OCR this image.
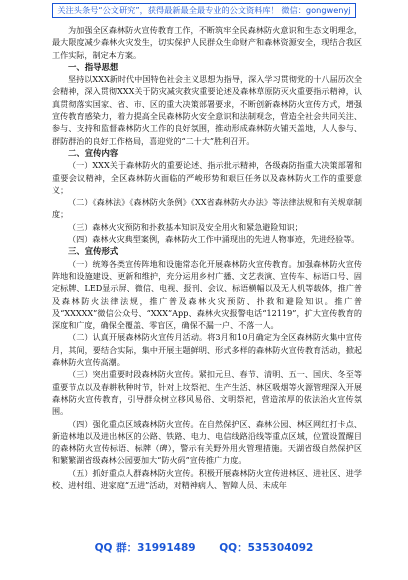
关注头条号“公文研究”，获得最新最全最专业的公文资料库！ 微信：gongwenyj

为加强全区森林防火宣传教育工作，不断筑牢全民森林防火意识和生态文明理念，最大限度减少森林火灾发生，切实保护人民群众生命财产和森林资源安全，现结合我区工作实际，制定本方案。

一、指导思想

坚持以XXX新时代中国特色社会主义思想为指导，深入学习贯彻党的十八届历次全会精神，深入贯彻XXX关于防灾减灾救灾重要论述及森林草原防灭火重要指示精神，认真贯彻落实国家、省、市、区的重大决策部署要求，不断创新森林防火宣传方式，增强宣传教育感染力，着力提高全民森林防火安全意识和法制观念，营造全社会共同关注、参与、支持和监督森林防火工作的良好氛围，推动形成森林防火铺天盖地，人人参与、群防群治的良好工作格局，喜迎党的“二十大”胜利召开。

二、宣传内容

（一）XXX关于森林防火的重要论述、指示批示精神，各级森防指重大决策部署和重要会议精神，全区森林防火面临的严峻形势和艰巨任务以及森林防火工作的重要意义；

（二）《森林法》《森林防火条例》《XX省森林防火办法》等法律法规和有关规章制度；

（三）森林火灾预防和扑救基本知识及安全用火和紧急避险知识；

（四）森林火灾典型案例，森林防火工作中涌现出的先进人物事迹，先进经验等。

三、宣传形式

（一）统筹各类宣传阵地和设施常态化开展森林防火宣传教育。加强森林防火宣传阵地和设施建设、更新和维护，充分运用乡村广播、文艺表演、宣传车、标语口号、固定标牌、LED显示屏、微信、电视、报刊、会议、标语横幅以及无人机等载体，推广普及森林防火法律法规，推广普及森林火灾预防、扑救和避险知识。推广普及“XXXXX”微信公众号、“XXX”App、森林火灾报警电话“12119”，扩大宣传教育的深度和广度，确保全覆盖、零盲区，确保不漏一户、不落一人。

（二）认真开展森林防火宣传月活动。将3月和10月确定为全区森林防火集中宣传月，其间，要结合实际，集中开展主题鲜明、形式多样的森林防火宣传教育活动，掀起森林防火宣传高潮。

（三）突出重要时段森林防火宣传。紧扣元旦、春节、清明、五一、国庆、冬至等重要节点以及春耕秋种时节，针对上坟祭祀、生产生活、林区吸烟等火源管理深入开展森林防火宣传教育，引导群众树立移风易俗、文明祭祀，营造浓厚的依法治火宣传氛围。

（四）强化重点区域森林防火宣传。在自然保护区、森林公园、林区网红打卡点、新造林地以及进出林区的公路、铁路、电力、电信线路沿线等重点区域，位置设置醒目的森林防火宣传标语、标牌（碑），警示有关野外用火管理措施。天湖省级自然保护区和繁繁湖省级森林公园要加大“防火码”宣传推广力度。

（五）抓好重点人群森林防火宣传。积极开展森林防火宣传进林区、进社区、进学校、进村组、进家庭“五进”活动，对精神病人、智障人员、未成年

QQ 群：31991489 QQ：535304092
